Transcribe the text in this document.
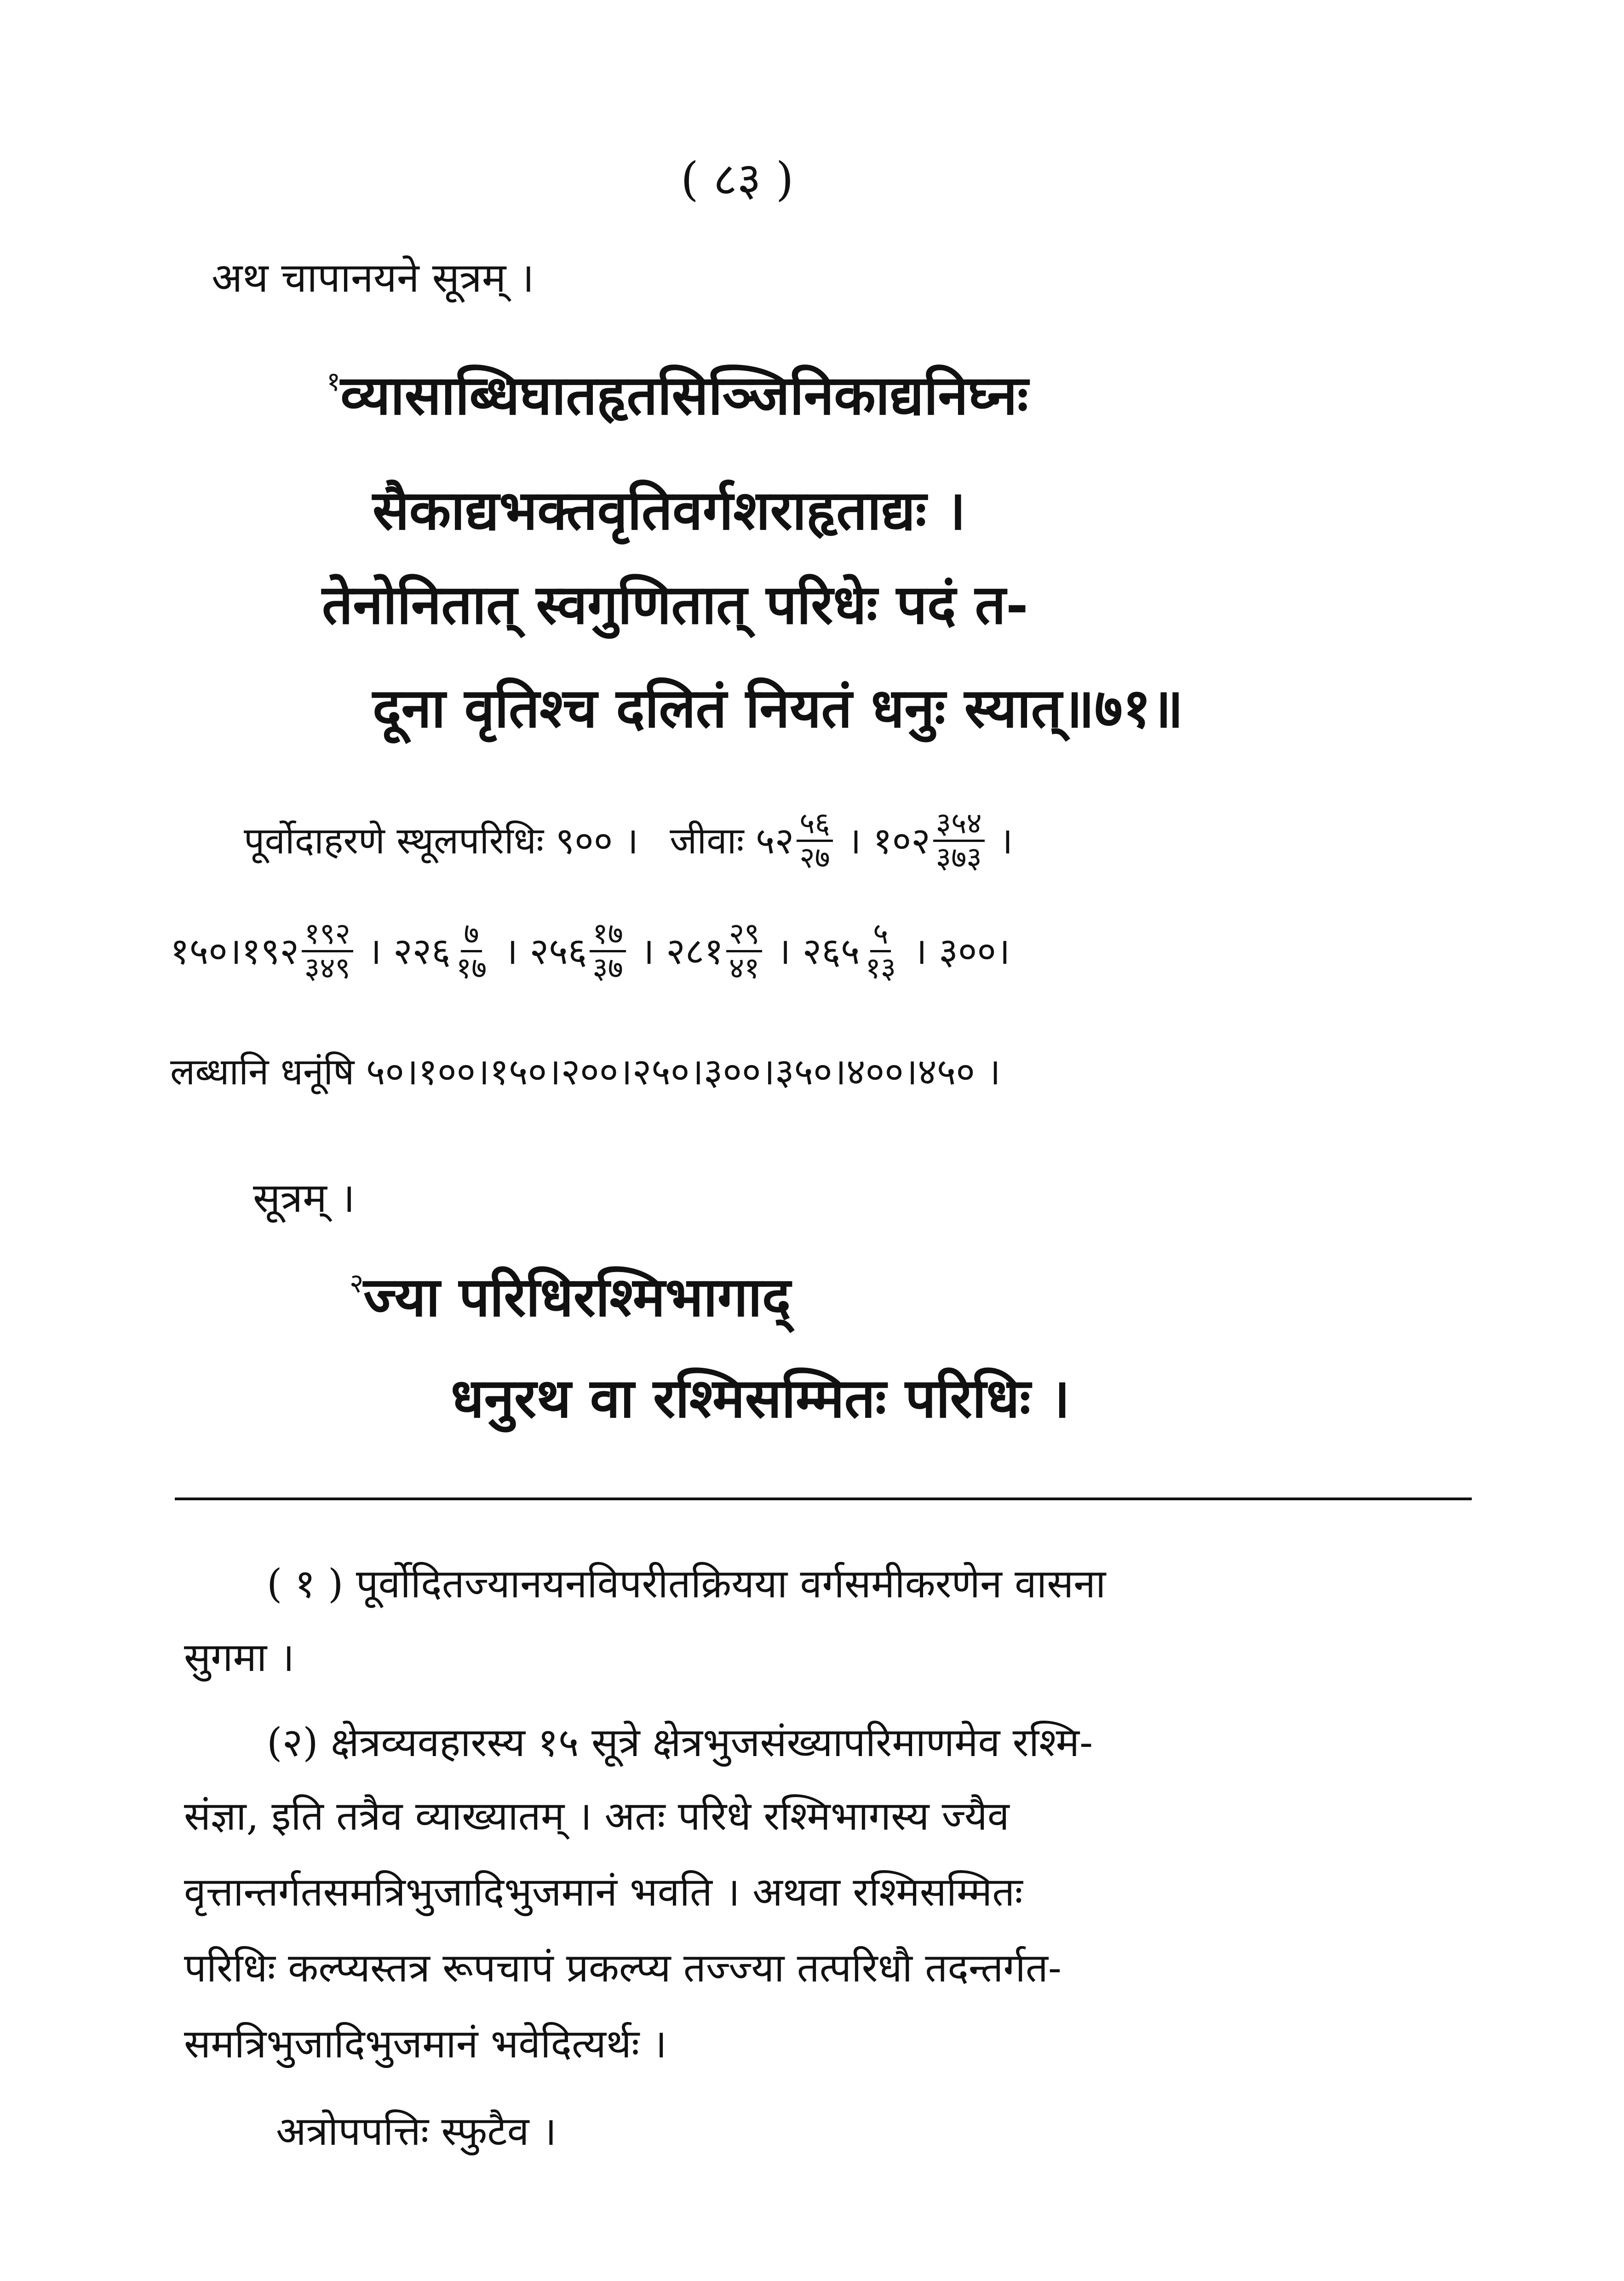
( ८३ )
अथ चापानयने सूत्रम् ।
$^१$व्यासाब्धिघातहृतसिञ्जिनिकाद्यनिघ्नः
सैकाद्यभक्तवृतिवर्गशराहृताद्यः ।
तेनोनितात् स्वगुणितात् परिधेः पदं त-
दूना वृतिश्च दलितं नियतं धनुः स्यात्॥७१॥
पूर्वोदाहरणे स्थूलपरिधिः ९०० । जीवाः
५२ $\frac{५६}{२७}$ । १०२ $\frac{३५४}{३७३}$ ।
१५०।१९२ $\frac{१९२}{३४९}$ । २२६ $\frac{७}{१७}$ । २५६ $\frac{१७}{३७}$ । २८१ $\frac{२९}{४१}$ । २६५ $\frac{५}{१३}$ । ३०० ।
लब्धानि धनूंषि ५०।१००।१५०।२००।२५०।३००।३५०।४००।४५० ।
सूत्रम् ।
$^२$ज्या परिधिरश्मिभागाद्
धनुरथ वा रश्मिसम्मितः परिधिः ।
( १ ) पूर्वोदितज्यानयनविपरीतक्रियया वर्गसमीकरणेन वासना
सुगमा ।
(२) क्षेत्रव्यवहारस्य १५ सूत्रे क्षेत्रभुजसंख्यापरिमाणमेव रश्मि-
संज्ञा, इति तत्रैव व्याख्यातम् । अतः परिधे रश्मिभागस्य ज्यैव
वृत्तान्तर्गतसमत्रिभुजादिभुजमानं भवति । अथवा रश्मिसम्मितः
परिधिः कल्प्यस्तत्र रूपचापं प्रकल्प्य तज्ज्या तत्परिधौ तदन्तर्गत-
समत्रिभुजादिभुजमानं भवेदित्यर्थः ।
अत्रोपपत्तिः स्फुटैव ।
